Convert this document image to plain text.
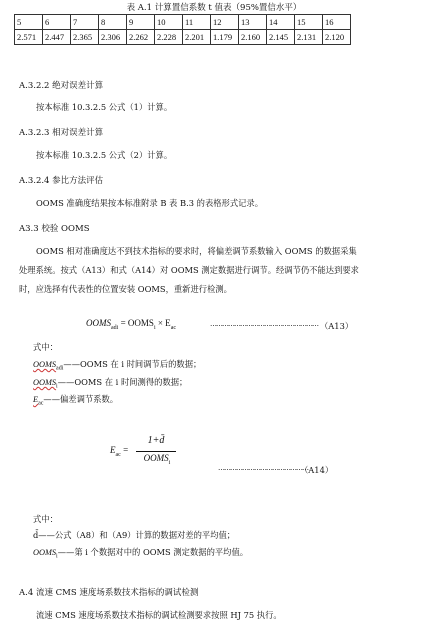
表 A.1 计算置信系数 t 值表（95%置信水平）
5	6	7	8	9	10	11	12	13	14	15	16
2.571	2.447	2.365	2.306	2.262	2.228	2.201	1.179	2.160	2.145	2.131	2.120
A.3.2.2 绝对误差计算
按本标准 10.3.2.5 公式（1）计算。
A.3.2.3 相对误差计算
按本标准 10.3.2.5 公式（2）计算。
A.3.2.4 参比方法评估
OOMS 准确度结果按本标准附录 B 表 B.3 的表格形式记录。
A3.3 校验 OOMS
OOMS 相对准确度达不到技术指标的要求时，将偏差调节系数输入 OOMS 的数据采集
处理系统。按式（A13）和式（A14）对 OOMS 测定数据进行调节。经调节仍不能达到要求
时，应选择有代表性的位置安装 OOMS，重新进行检测。
$OOMS_{adi}$ = $OOMS_i \times E_{ac}$	……………………………………………… （A13）
式中：
$OOMS_{adi}——OOMS$ 在 i 时间调节后的数据；
$OOMS_i——OOMS$ 在 i 时间测得的数据；
$E_{ac}——$偏差调节系数。
$E_{ac}$ =
1+d̄
$OOMS_i$
………………………………………
（A14）
式中：
d̄——公式（A8）和（A9）计算的数据对差的平均值；
$OOMS_i——$第 i 个数据对中的 OOMS 测定数据的平均值。
A.4 流速 CMS 速度场系数技术指标的调试检测
流速 CMS 速度场系数技术指标的调试检测要求按照 HJ 75 执行。
